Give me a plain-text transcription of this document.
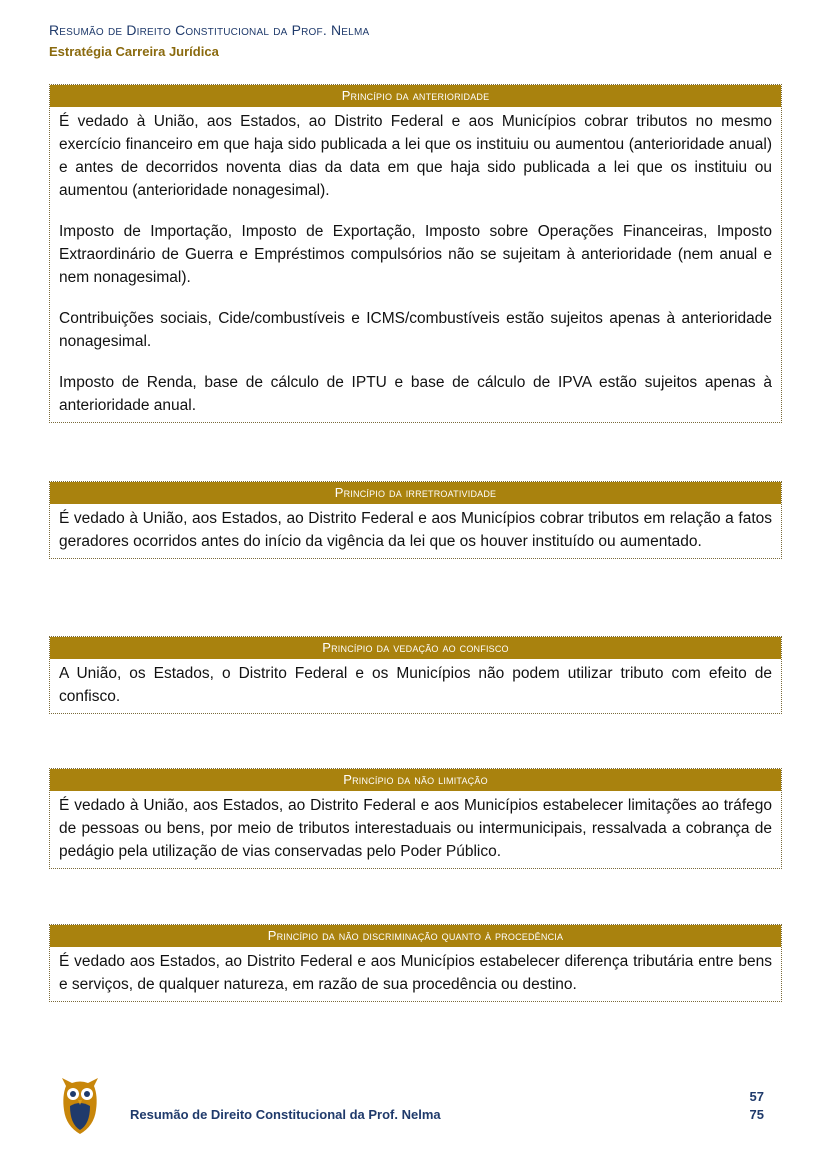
Resumão de Direito Constitucional da Prof. Nelma
Estratégia Carreira Jurídica
Princípio da anterioridade

É vedado à União, aos Estados, ao Distrito Federal e aos Municípios cobrar tributos no mesmo exercício financeiro em que haja sido publicada a lei que os instituiu ou aumentou (anterioridade anual) e antes de decorridos noventa dias da data em que haja sido publicada a lei que os instituiu ou aumentou (anterioridade nonagesimal).

Imposto de Importação, Imposto de Exportação, Imposto sobre Operações Financeiras, Imposto Extraordinário de Guerra e Empréstimos compulsórios não se sujeitam à anterioridade (nem anual e nem nonagesimal).

Contribuições sociais, Cide/combustíveis e ICMS/combustíveis estão sujeitos apenas à anterioridade nonagesimal.

Imposto de Renda, base de cálculo de IPTU e base de cálculo de IPVA estão sujeitos apenas à anterioridade anual.

Princípio da irretroatividade

É vedado à União, aos Estados, ao Distrito Federal e aos Municípios cobrar tributos em relação a fatos geradores ocorridos antes do início da vigência da lei que os houver instituído ou aumentado.

Princípio da vedação ao confisco

A União, os Estados, o Distrito Federal e os Municípios não podem utilizar tributo com efeito de confisco.

Princípio da não limitação

É vedado à União, aos Estados, ao Distrito Federal e aos Municípios estabelecer limitações ao tráfego de pessoas ou bens, por meio de tributos interestaduais ou intermunicipais, ressalvada a cobrança de pedágio pela utilização de vias conservadas pelo Poder Público.

Princípio da não discriminação quanto à procedência

É vedado aos Estados, ao Distrito Federal e aos Municípios estabelecer diferença tributária entre bens e serviços, de qualquer natureza, em razão de sua procedência ou destino.

Resumão de Direito Constitucional da Prof. Nelma
57
75
